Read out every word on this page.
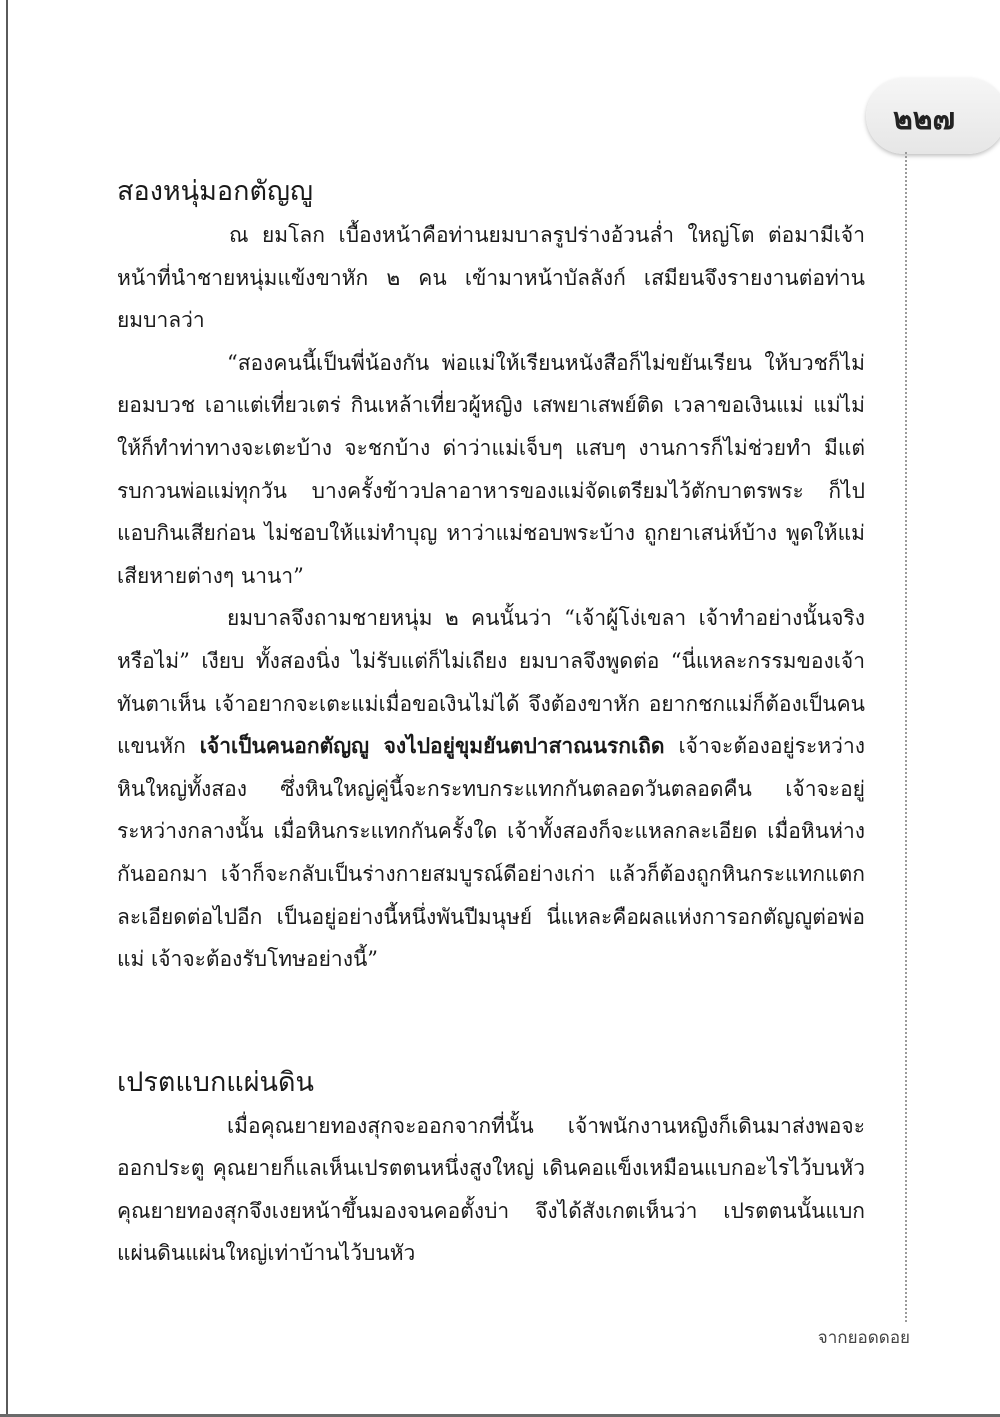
๒๒๗
สองหนุ่มอกตัญญู

ณ ยมโลก เบื้องหน้าคือท่านยมบาลรูปร่างอ้วนล่ำ ใหญ่โต ต่อมามีเจ้าหน้าที่นำชายหนุ่มแข้งขาหัก ๒ คน เข้ามาหน้าบัลลังก์ เสมียนจึงรายงานต่อท่านยมบาลว่า

“สองคนนี้เป็นพี่น้องกัน พ่อแม่ให้เรียนหนังสือก็ไม่ขยันเรียน ให้บวชก็ไม่ยอมบวช เอาแต่เที่ยวเตร่ กินเหล้าเที่ยวผู้หญิง เสพยาเสพย์ติด เวลาขอเงินแม่ แม่ไม่ให้ก็ทำท่าทางจะเตะบ้าง จะชกบ้าง ด่าว่าแม่เจ็บๆ แสบๆ งานการก็ไม่ช่วยทำ มีแต่รบกวนพ่อแม่ทุกวัน บางครั้งข้าวปลาอาหารของแม่จัดเตรียมไว้ตักบาตรพระ ก็ไปแอบกินเสียก่อน ไม่ชอบให้แม่ทำบุญ หาว่าแม่ชอบพระบ้าง ถูกยาเสน่ห์บ้าง พูดให้แม่เสียหายต่างๆ นานา”

ยมบาลจึงถามชายหนุ่ม ๒ คนนั้นว่า “เจ้าผู้โง่เขลา เจ้าทำอย่างนั้นจริงหรือไม่” เงียบ ทั้งสองนิ่ง ไม่รับแต่ก็ไม่เถียง ยมบาลจึงพูดต่อ “นี่แหละกรรมของเจ้าทันตาเห็น เจ้าอยากจะเตะแม่เมื่อขอเงินไม่ได้ จึงต้องขาหัก อยากชกแม่ก็ต้องเป็นคนแขนหัก เจ้าเป็นคนอกตัญญู จงไปอยู่ขุมยันตปาสาณนรกเถิด เจ้าจะต้องอยู่ระหว่างหินใหญ่ทั้งสอง ซึ่งหินใหญ่คู่นี้จะกระทบกระแทกกันตลอดวันตลอดคืน เจ้าจะอยู่ระหว่างกลางนั้น เมื่อหินกระแทกกันครั้งใด เจ้าทั้งสองก็จะแหลกละเอียด เมื่อหินห่างกันออกมา เจ้าก็จะกลับเป็นร่างกายสมบูรณ์ดีอย่างเก่า แล้วก็ต้องถูกหินกระแทกแตกละเอียดต่อไปอีก เป็นอยู่อย่างนี้หนึ่งพันปีมนุษย์ นี่แหละคือผลแห่งการอกตัญญูต่อพ่อแม่ เจ้าจะต้องรับโทษอย่างนี้”

เปรตแบกแผ่นดิน

เมื่อคุณยายทองสุกจะออกจากที่นั้น เจ้าพนักงานหญิงก็เดินมาส่งพอจะออกประตู คุณยายก็แลเห็นเปรตตนหนึ่งสูงใหญ่ เดินคอแข็งเหมือนแบกอะไรไว้บนหัว คุณยายทองสุกจึงเงยหน้าขึ้นมองจนคอตั้งบ่า จึงได้สังเกตเห็นว่า เปรตตนนั้นแบกแผ่นดินแผ่นใหญ่เท่าบ้านไว้บนหัว

จากยอดดอย
